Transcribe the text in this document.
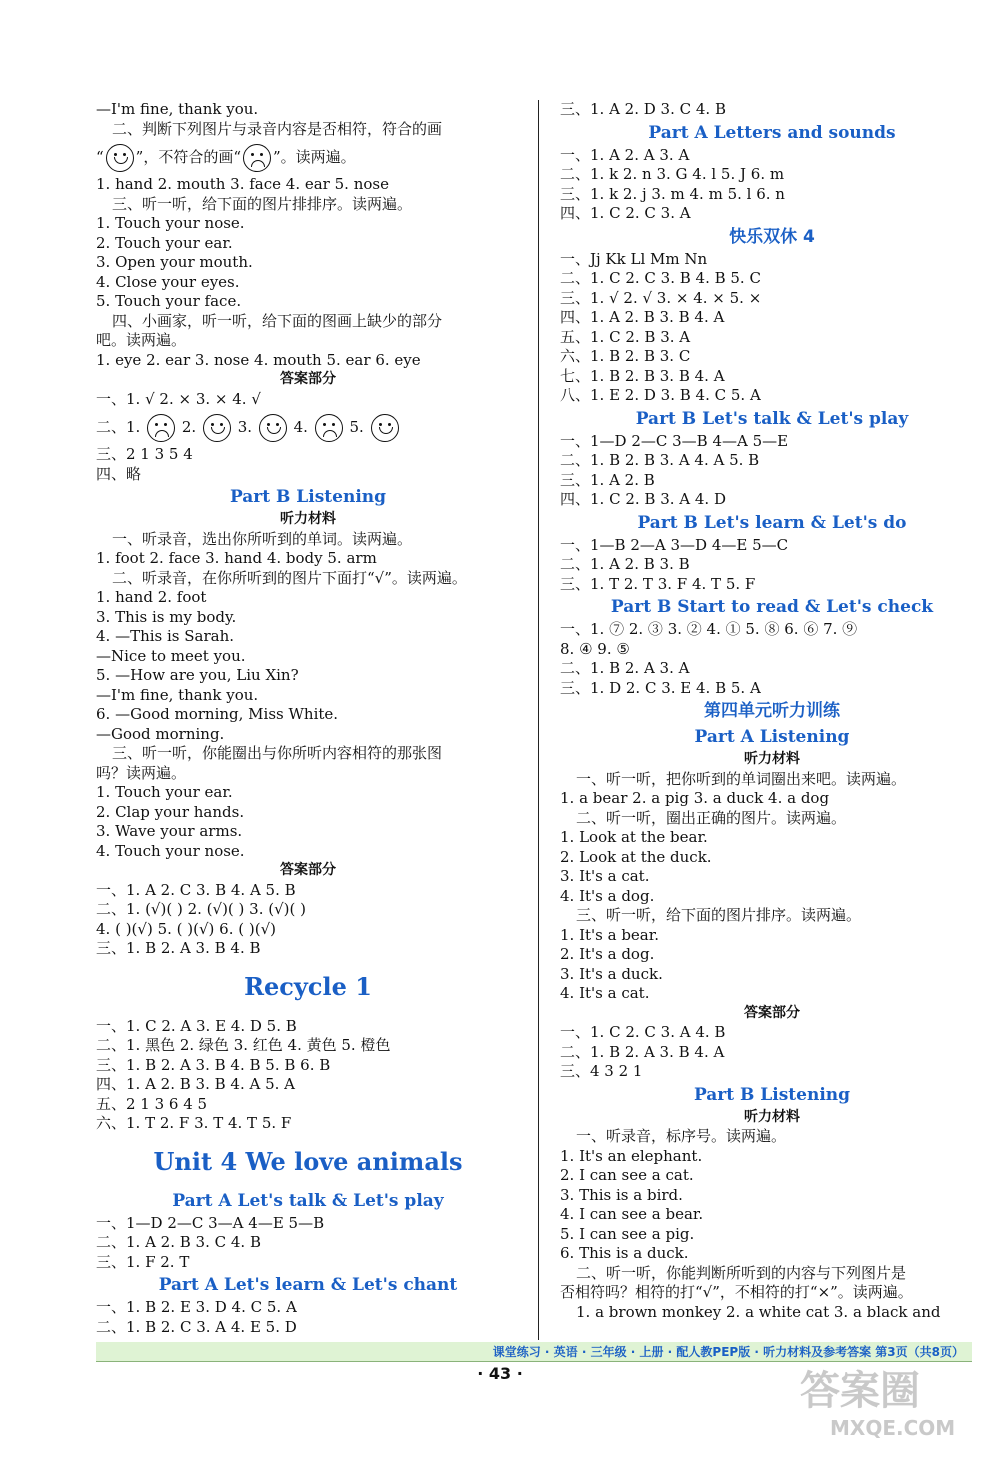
—I'm fine, thank you.
二、判断下列图片与录音内容是否相符，符合的画
“ ”，不符合的画“ ”。读两遍。
1. hand 2. mouth 3. face 4. ear 5. nose
三、听一听，给下面的图片排排序。读两遍。
1. Touch your nose.
2. Touch your ear.
3. Open your mouth.
4. Close your eyes.
5. Touch your face.
四、小画家，听一听，给下面的图画上缺少的部分
吧。读两遍。
1. eye 2. ear 3. nose 4. mouth 5. ear 6. eye
答案部分
一、1. √ 2. × 3. × 4. √
二、1.	2.	3.	4.	5.
三、2 1 3 5 4
四、略
Part B Listening
听力材料
一、听录音，选出你所听到的单词。读两遍。
1. foot 2. face 3. hand 4. body 5. arm
二、听录音，在你所听到的图片下面打“√”。读两遍。
1. hand 2. foot
3. This is my body.
4. —This is Sarah.
—Nice to meet you.
5. —How are you, Liu Xin?
—I'm fine, thank you.
6. —Good morning, Miss White.
—Good morning.
三、听一听，你能圈出与你所听内容相符的那张图
吗？读两遍。
1. Touch your ear.
2. Clap your hands.
3. Wave your arms.
4. Touch your nose.
答案部分
一、1. A 2. C 3. B 4. A 5. B
二、1. (√)( ) 2. (√)( ) 3. (√)( )
4. ( )(√) 5. ( )(√) 6. ( )(√)
三、1. B 2. A 3. B 4. B
Recycle 1
一、1. C 2. A 3. E 4. D 5. B
二、1. 黑色 2. 绿色 3. 红色 4. 黄色 5. 橙色
三、1. B 2. A 3. B 4. B 5. B 6. B
四、1. A 2. B 3. B 4. A 5. A
五、2 1 3 6 4 5
六、1. T 2. F 3. T 4. T 5. F
Unit 4 We love animals
Part A Let's talk & Let's play
一、1—D 2—C 3—A 4—E 5—B
二、1. A 2. B 3. C 4. B
三、1. F 2. T
Part A Let's learn & Let's chant
一、1. B 2. E 3. D 4. C 5. A
二、1. B 2. C 3. A 4. E 5. D
三、1. A 2. D 3. C 4. B
Part A Letters and sounds
一、1. A 2. A 3. A
二、1. k 2. n 3. G 4. l 5. J 6. m
三、1. k 2. j 3. m 4. m 5. l 6. n
四、1. C 2. C 3. A
快乐双休 4
一、Jj Kk Ll Mm Nn
二、1. C 2. C 3. B 4. B 5. C
三、1. √ 2. √ 3. × 4. × 5. ×
四、1. A 2. B 3. B 4. A
五、1. C 2. B 3. A
六、1. B 2. B 3. C
七、1. B 2. B 3. B 4. A
八、1. E 2. D 3. B 4. C 5. A
Part B Let's talk & Let's play
一、1—D 2—C 3—B 4—A 5—E
二、1. B 2. B 3. A 4. A 5. B
三、1. A 2. B
四、1. C 2. B 3. A 4. D
Part B Let's learn & Let's do
一、1—B 2—A 3—D 4—E 5—C
二、1. A 2. B 3. B
三、1. T 2. T 3. F 4. T 5. F
Part B Start to read & Let's check
一、1. ⑦ 2. ③ 3. ② 4. ① 5. ⑧ 6. ⑥ 7. ⑨
8. ④ 9. ⑤
二、1. B 2. A 3. A
三、1. D 2. C 3. E 4. B 5. A
第四单元听力训练
Part A Listening
听力材料
一、听一听，把你听到的单词圈出来吧。读两遍。
1. a bear 2. a pig 3. a duck 4. a dog
二、听一听，圈出正确的图片。读两遍。
1. Look at the bear.
2. Look at the duck.
3. It's a cat.
4. It's a dog.
三、听一听，给下面的图片排序。读两遍。
1. It's a bear.
2. It's a dog.
3. It's a duck.
4. It's a cat.
答案部分
一、1. C 2. C 3. A 4. B
二、1. B 2. A 3. B 4. A
三、4 3 2 1
Part B Listening
听力材料
一、听录音，标序号。读两遍。
1. It's an elephant.
2. I can see a cat.
3. This is a bird.
4. I can see a bear.
5. I can see a pig.
6. This is a duck.
二、听一听，你能判断所听到的内容与下列图片是
否相符吗？相符的打“√”，不相符的打“×”。读两遍。
1. a brown monkey 2. a white cat 3. a black and
课堂练习 · 英语 · 三年级 · 上册 · 配人教PEP版 · 听力材料及参考答案 第3页（共8页）
· 43 ·	答案圈
MXQE.COM
